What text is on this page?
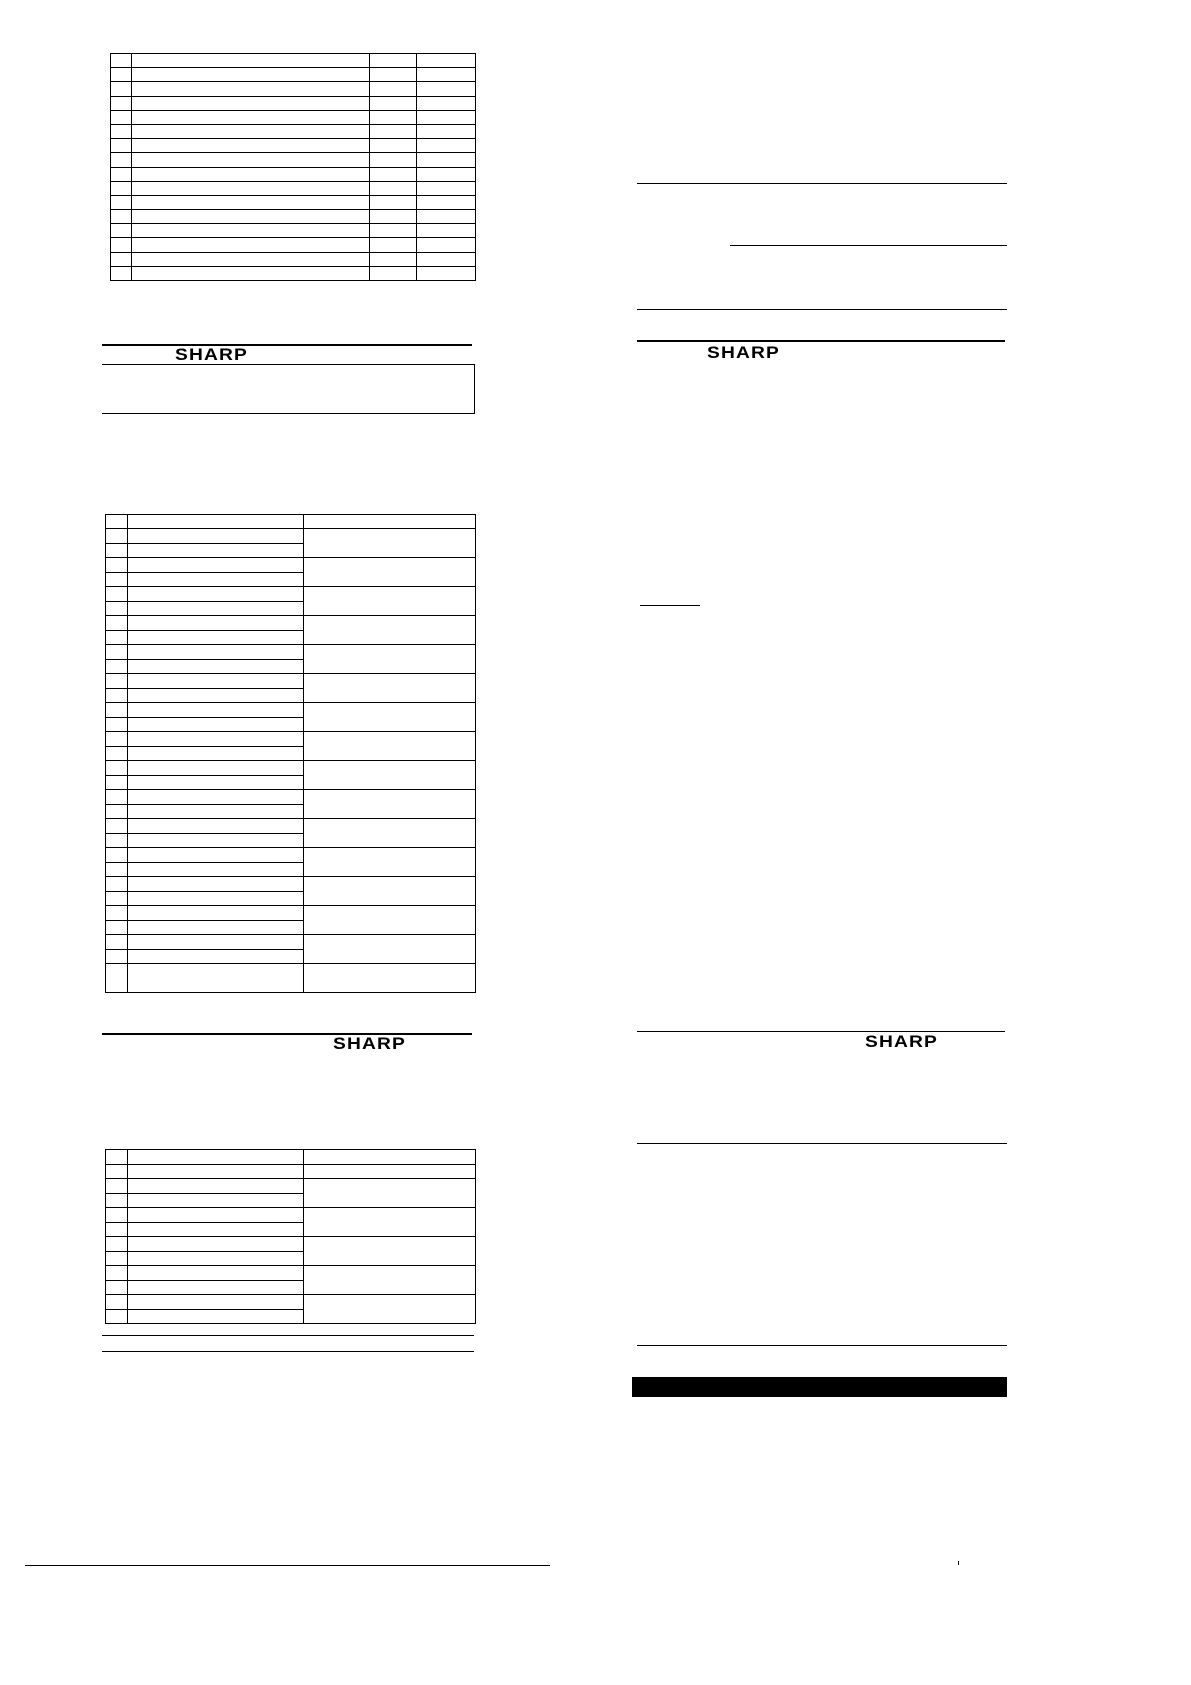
SHARP

SHARP

SHARP
SHARP
